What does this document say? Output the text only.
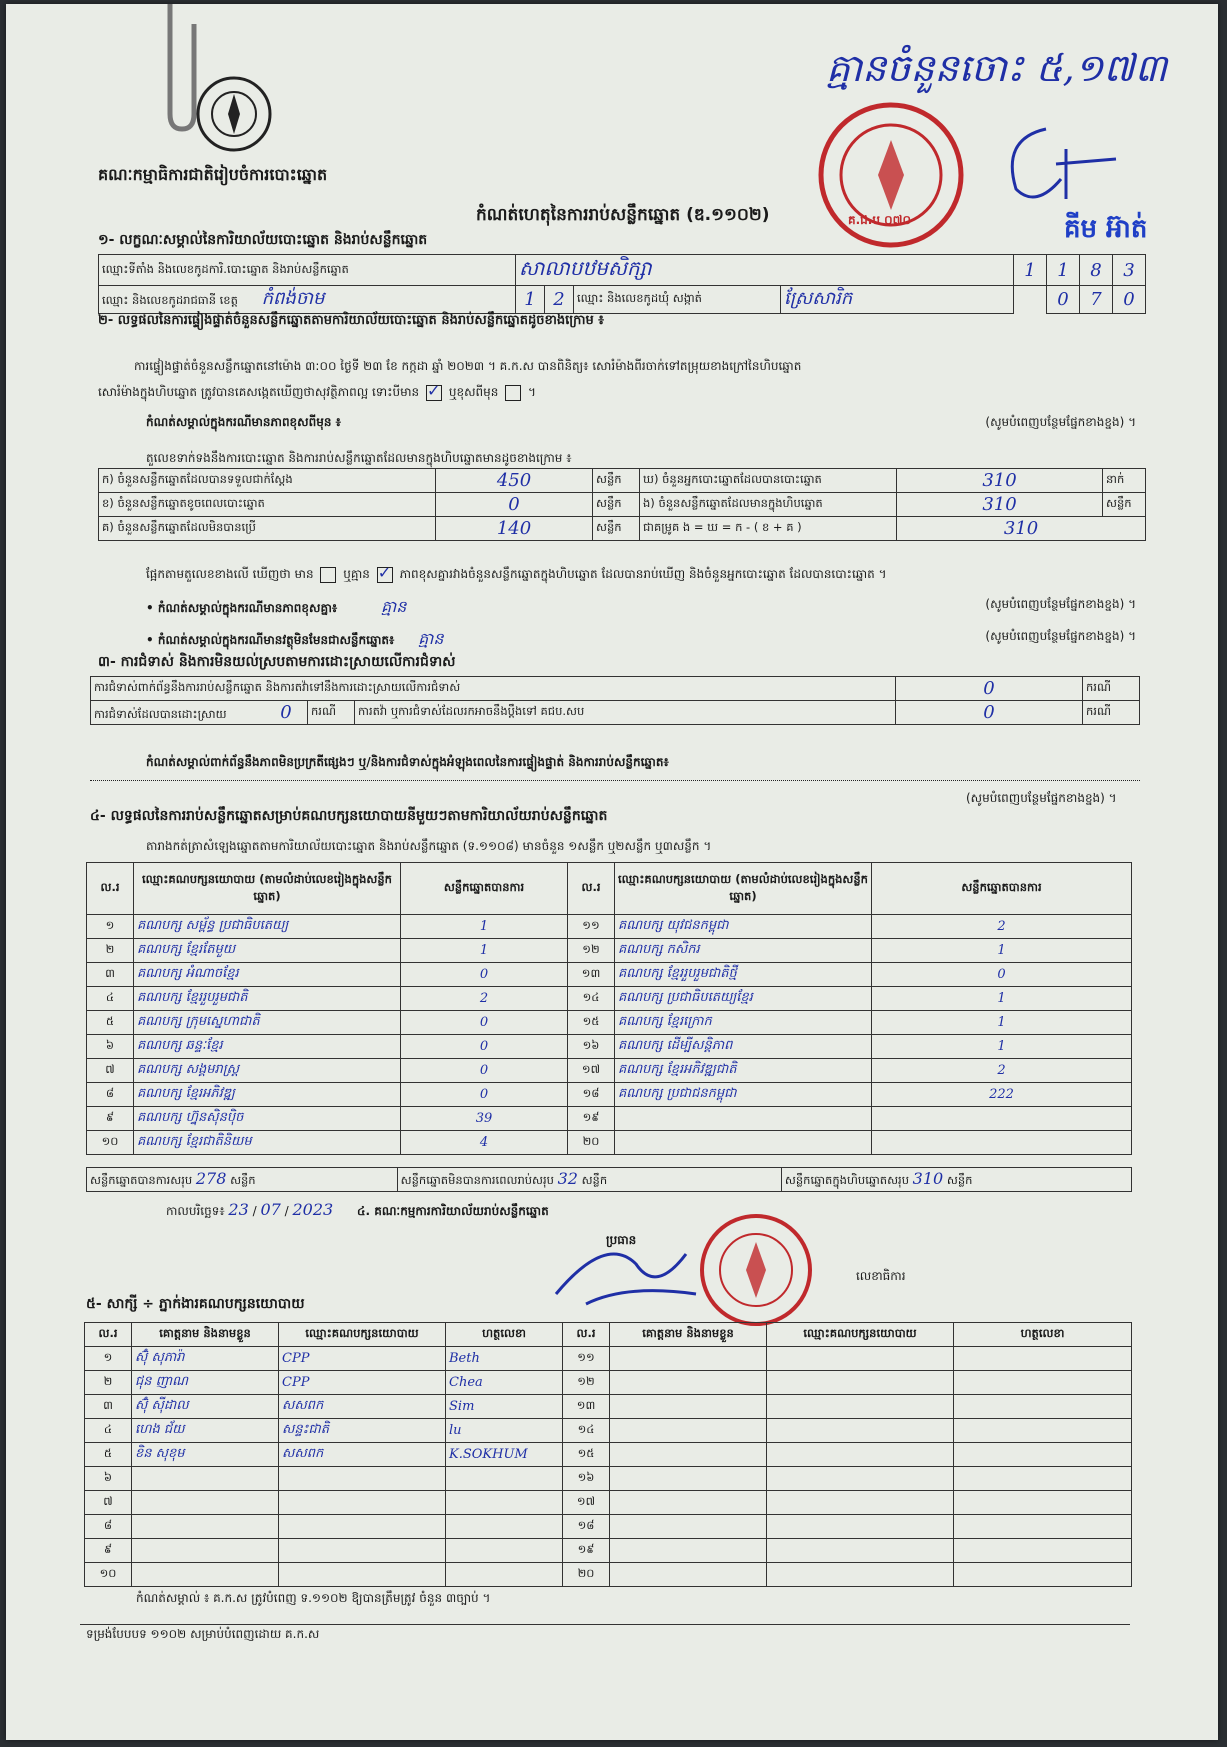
គណៈកម្មាធិការជាតិរៀបចំការបោះឆ្នោត
កំណត់ហេតុនៃការរាប់សន្លឹកឆ្នោត (ឌ.១១០២)
គ្មានចំនួនចោះ ៥,១៧៣
គ.ជ.ប ០៧០	គីម អ៊ាត់
១- លក្ខណៈសម្គាល់នៃការិយាល័យបោះឆ្នោត និងរាប់សន្លឹកឆ្នោត
ឈ្មោះទីតាំង និងលេខកូដការិ.បោះឆ្នោត និងរាប់សន្លឹកឆ្នោត	សាលាបឋមសិក្សា				1	1	8	3
ឈ្មោះ និងលេខកូដរាជធានី ខេត្ត កំពង់ចាម	1	2	ឈ្មោះ និងលេខកូដឃុំ សង្កាត់	ស្រែសារិក		0	7	0
២- លទ្ធផលនៃការផ្ទៀងផ្ទាត់ចំនួនសន្លឹកឆ្នោតតាមការិយាល័យបោះឆ្នោត និងរាប់សន្លឹកឆ្នោតដូចខាងក្រោម ៖
ការផ្ទៀងផ្ទាត់ចំនួនសន្លឹកឆ្នោតនៅម៉ោង ៣:០០ ថ្ងៃទី ២៣ ខែ កក្កដា ឆ្នាំ ២០២៣ ។ គ.ក.ស បានពិនិត្យ៖ សោរំម៉ាងពីរចាក់ទៅតម្រុយខាងក្រៅនៃហិបឆ្នោត
សោរំម៉ាងក្នុងហិបឆ្នោត ត្រូវបានគេសង្កេតឃើញថាសុវត្ថិភាពល្អ ទោះបីមាន ✓ ឬខុសពីមុន  ។
កំណត់សម្គាល់ក្នុងករណីមានភាពខុសពីមុន ៖	(សូមបំពេញបន្ថែមផ្នែកខាងខ្នង) ។
តួលេខទាក់ទងនឹងការបោះឆ្នោត និងការរាប់សន្លឹកឆ្នោតដែលមានក្នុងហិបឆ្នោតមានដូចខាងក្រោម ៖
ក) ចំនួនសន្លឹកឆ្នោតដែលបានទទួលជាក់ស្តែង	450	សន្លឹក	ឃ) ចំនួនអ្នកបោះឆ្នោតដែលបានបោះឆ្នោត	310	នាក់
ខ) ចំនួនសន្លឹកឆ្នោតខូចពេលបោះឆ្នោត	0	សន្លឹក	ង) ចំនួនសន្លឹកឆ្នោតដែលមានក្នុងហិបឆ្នោត	310	សន្លឹក
គ) ចំនួនសន្លឹកឆ្នោតដែលមិនបានប្រើ	140	សន្លឹក	ជាគម្រូគ ង = ឃ = ក - ( ខ + គ )	310	
ផ្អែកតាមតួលេខខាងលើ ឃើញថា មាន ឬគ្មាន ✓ ភាពខុសគ្នារវាងចំនួនសន្លឹកឆ្នោតក្នុងហិបឆ្នោត ដែលបានរាប់ឃើញ និងចំនួនអ្នកបោះឆ្នោត ដែលបានបោះឆ្នោត ។
• កំណត់សម្គាល់ក្នុងករណីមានភាពខុសគ្នា៖	គ្មាន	(សូមបំពេញបន្ថែមផ្នែកខាងខ្នង) ។
• កំណត់សម្គាល់ក្នុងករណីមានវត្ថុមិនមែនជាសន្លឹកឆ្នោត៖ គ្មាន	(សូមបំពេញបន្ថែមផ្នែកខាងខ្នង) ។
៣- ការជំទាស់ និងការមិនយល់ស្របតាមការដោះស្រាយលើការជំទាស់
ការជំទាស់ពាក់ព័ន្ធនឹងការរាប់សន្លឹកឆ្នោត និងការតវ៉ាទៅនឹងការដោះស្រាយលើការជំទាស់			0	ករណី
ការជំទាស់ដែលបានដោះស្រាយ 0	ករណី	ការតវ៉ា ឬការជំទាស់ដែលរកអាចនឹងប្តឹងទៅ គជប.សប	0	ករណី
កំណត់សម្គាល់ពាក់ព័ន្ធនឹងភាពមិនប្រក្រតីផ្សេងៗ ឬ/និងការជំទាស់ក្នុងអំឡុងពេលនៃការផ្ទៀងផ្ទាត់ និងការរាប់សន្លឹកឆ្នោត៖
(សូមបំពេញបន្ថែមផ្នែកខាងខ្នង) ។
៤- លទ្ធផលនៃការរាប់សន្លឹកឆ្នោតសម្រាប់គណបក្សនយោបាយនីមួយៗតាមការិយាល័យរាប់សន្លឹកឆ្នោត
តារាងកត់ត្រាសំឡេងឆ្នោតតាមការិយាល័យបោះឆ្នោត និងរាប់សន្លឹកឆ្នោត (ទ.១១០៨) មានចំនួន ១សន្លឹក ឬ២សន្លឹក ឬ៣សន្លឹក ។
ល.រ	ឈ្មោះគណបក្សនយោបាយ (តាមលំដាប់លេខរៀងក្នុងសន្លឹកឆ្នោត)	សន្លឹកឆ្នោតបានការ	ល.រ	ឈ្មោះគណបក្សនយោបាយ (តាមលំដាប់លេខរៀងក្នុងសន្លឹកឆ្នោត)	សន្លឹកឆ្នោតបានការ
១	គណបក្ស សម្ព័ន្ធ ប្រជាធិបតេយ្យ	1	១១	គណបក្ស យុវជនកម្ពុជា	2
២	គណបក្ស ខ្មែរតែមួយ	1	១២	គណបក្ស កសិករ	1
៣	គណបក្ស អំណាចខ្មែរ	0	១៣	គណបក្ស ខ្មែររួបរួមជាតិថ្មី	0
៤	គណបក្ស ខ្មែររួបរួមជាតិ	2	១៤	គណបក្ស ប្រជាធិបតេយ្យខ្មែរ	1
៥	គណបក្ស ក្រុមស្នេហាជាតិ	0	១៥	គណបក្ស ខ្មែរក្រោក	1
៦	គណបក្ស ឆន្ទៈខ្មែរ	0	១៦	គណបក្ស ដើម្បីសន្តិភាព	1
៧	គណបក្ស សង្គមរាស្ត្រ	0	១៧	គណបក្ស ខ្មែរអភិវឌ្ឍជាតិ	2
៨	គណបក្ស ខ្មែរអភិវឌ្ឍ	0	១៨	គណបក្ស ប្រជាជនកម្ពុជា	222
៩	គណបក្ស ហ្វ៊ុនស៊ិនប៉ិច	39	១៩		
១០	គណបក្ស ខ្មែរជាតិនិយម	4	២០		
សន្លឹកឆ្នោតបានការសរុប 278 សន្លឹក	សន្លឹកឆ្នោតមិនបានការពេលរាប់សរុប 32 សន្លឹក	សន្លឹកឆ្នោតក្នុងហិបឆ្នោតសរុប 310 សន្លឹក
កាលបរិច្ឆេទ៖ 23 / 07 / 2023 ៤. គណៈកម្មការការិយាល័យរាប់សន្លឹកឆ្នោត
ប្រធាន
លេខាធិការ
៥- សាក្សី ÷ ភ្នាក់ងារគណបក្សនយោបាយ
ល.រ	គោត្តនាម និងនាមខ្លួន	ឈ្មោះគណបក្សនយោបាយ	ហត្ថលេខា	ល.រ	គោត្តនាម និងនាមខ្លួន	ឈ្មោះគណបក្សនយោបាយ	ហត្ថលេខា
១	ស៊ុំ សុភារ៉ា	CPP	Beth	១១			
២	ជុន ញាណ	CPP	Chea	១២			
៣	ស៊ុំ ស៊ីដាល	សសពក	Sim	១៣			
៤	ហេង ជ័យ	សន្ទះជាតិ	lu	១៤			
៥	ខិន សុខុម	សសពក	K.SOKHUM	១៥			
៦				១៦			
៧				១៧			
៨				១៨			
៩				១៩			
១០				២០			
កំណត់សម្គាល់ ៖ គ.ក.ស ត្រូវបំពេញ ទ.១១០២ ឱ្យបានត្រឹមត្រូវ ចំនួន ៣ច្បាប់ ។
ទម្រង់បែបបទ ១១០២ សម្រាប់បំពេញដោយ គ.ក.ស
